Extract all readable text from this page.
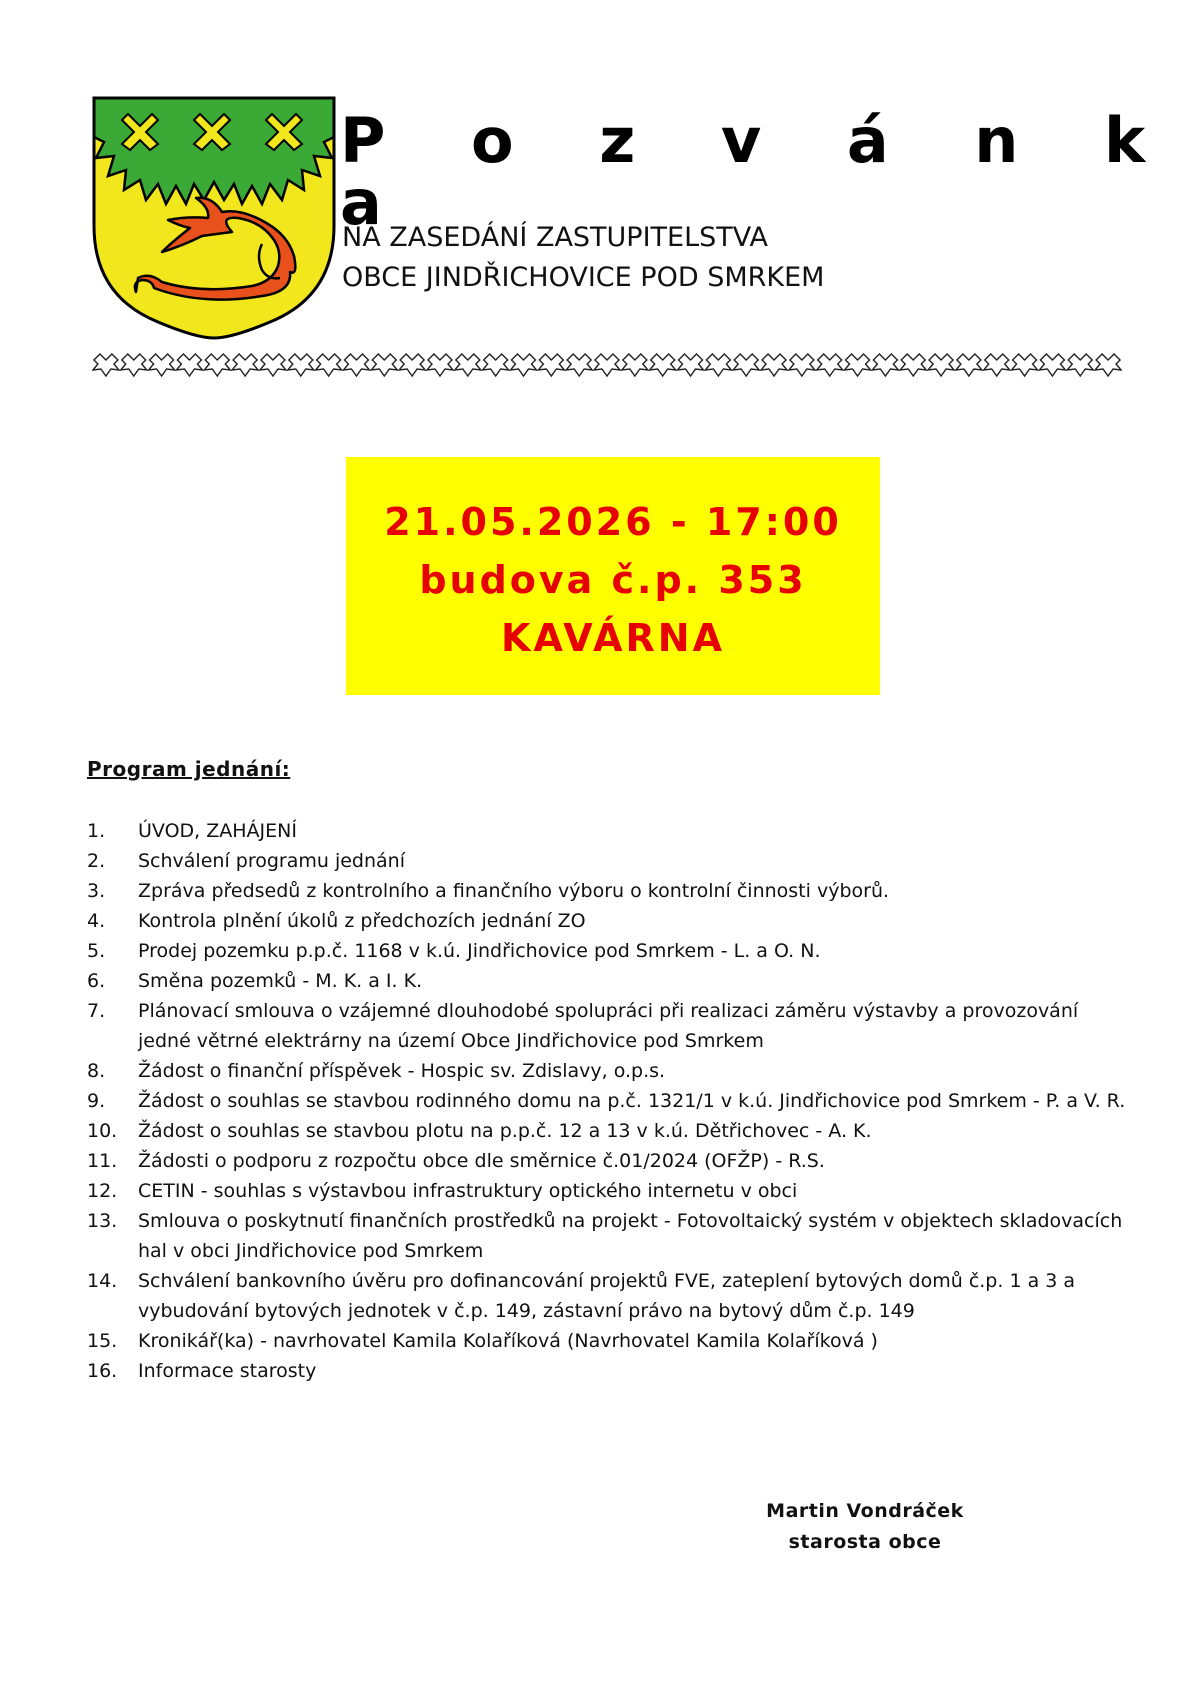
P o z v á n k a
NA ZASEDÁNÍ ZASTUPITELSTVA
OBCE JINDŘICHOVICE POD SMRKEM
21.05.2026 - 17:00
budova č.p. 353
KAVÁRNA
Program jednání:
1.	ÚVOD, ZAHÁJENÍ
2.	Schválení programu jednání
3.	Zpráva předsedů z kontrolního a finančního výboru o kontrolní činnosti výborů.
4.	Kontrola plnění úkolů z předchozích jednání ZO
5.	Prodej pozemku p.p.č. 1168 v k.ú. Jindřichovice pod Smrkem - L. a O. N.
6.	Směna pozemků - M. K. a I. K.
7.	Plánovací smlouva o vzájemné dlouhodobé spolupráci při realizaci záměru výstavby a provozování jedné větrné elektrárny na území Obce Jindřichovice pod Smrkem
8.	Žádost o finanční příspěvek - Hospic sv. Zdislavy, o.p.s.
9.	Žádost o souhlas se stavbou rodinného domu na p.č. 1321/1 v k.ú. Jindřichovice pod Smrkem - P. a V. R.
10.	Žádost o souhlas se stavbou plotu na p.p.č. 12 a 13 v k.ú. Dětřichovec - A. K.
11.	Žádosti o podporu z rozpočtu obce dle směrnice č.01/2024 (OFŽP) - R.S.
12.	CETIN - souhlas s výstavbou infrastruktury optického internetu v obci
13.	Smlouva o poskytnutí finančních prostředků na projekt - Fotovoltaický systém v objektech skladovacích hal v obci Jindřichovice pod Smrkem
14.	Schválení bankovního úvěru pro dofinancování projektů FVE, zateplení bytových domů č.p. 1 a 3 a vybudování bytových jednotek v č.p. 149, zástavní právo na bytový dům č.p. 149
15.	Kronikář(ka) - navrhovatel Kamila Kolaříková (Navrhovatel Kamila Kolaříková )
16.	Informace starosty
Martin Vondráček
starosta obce
